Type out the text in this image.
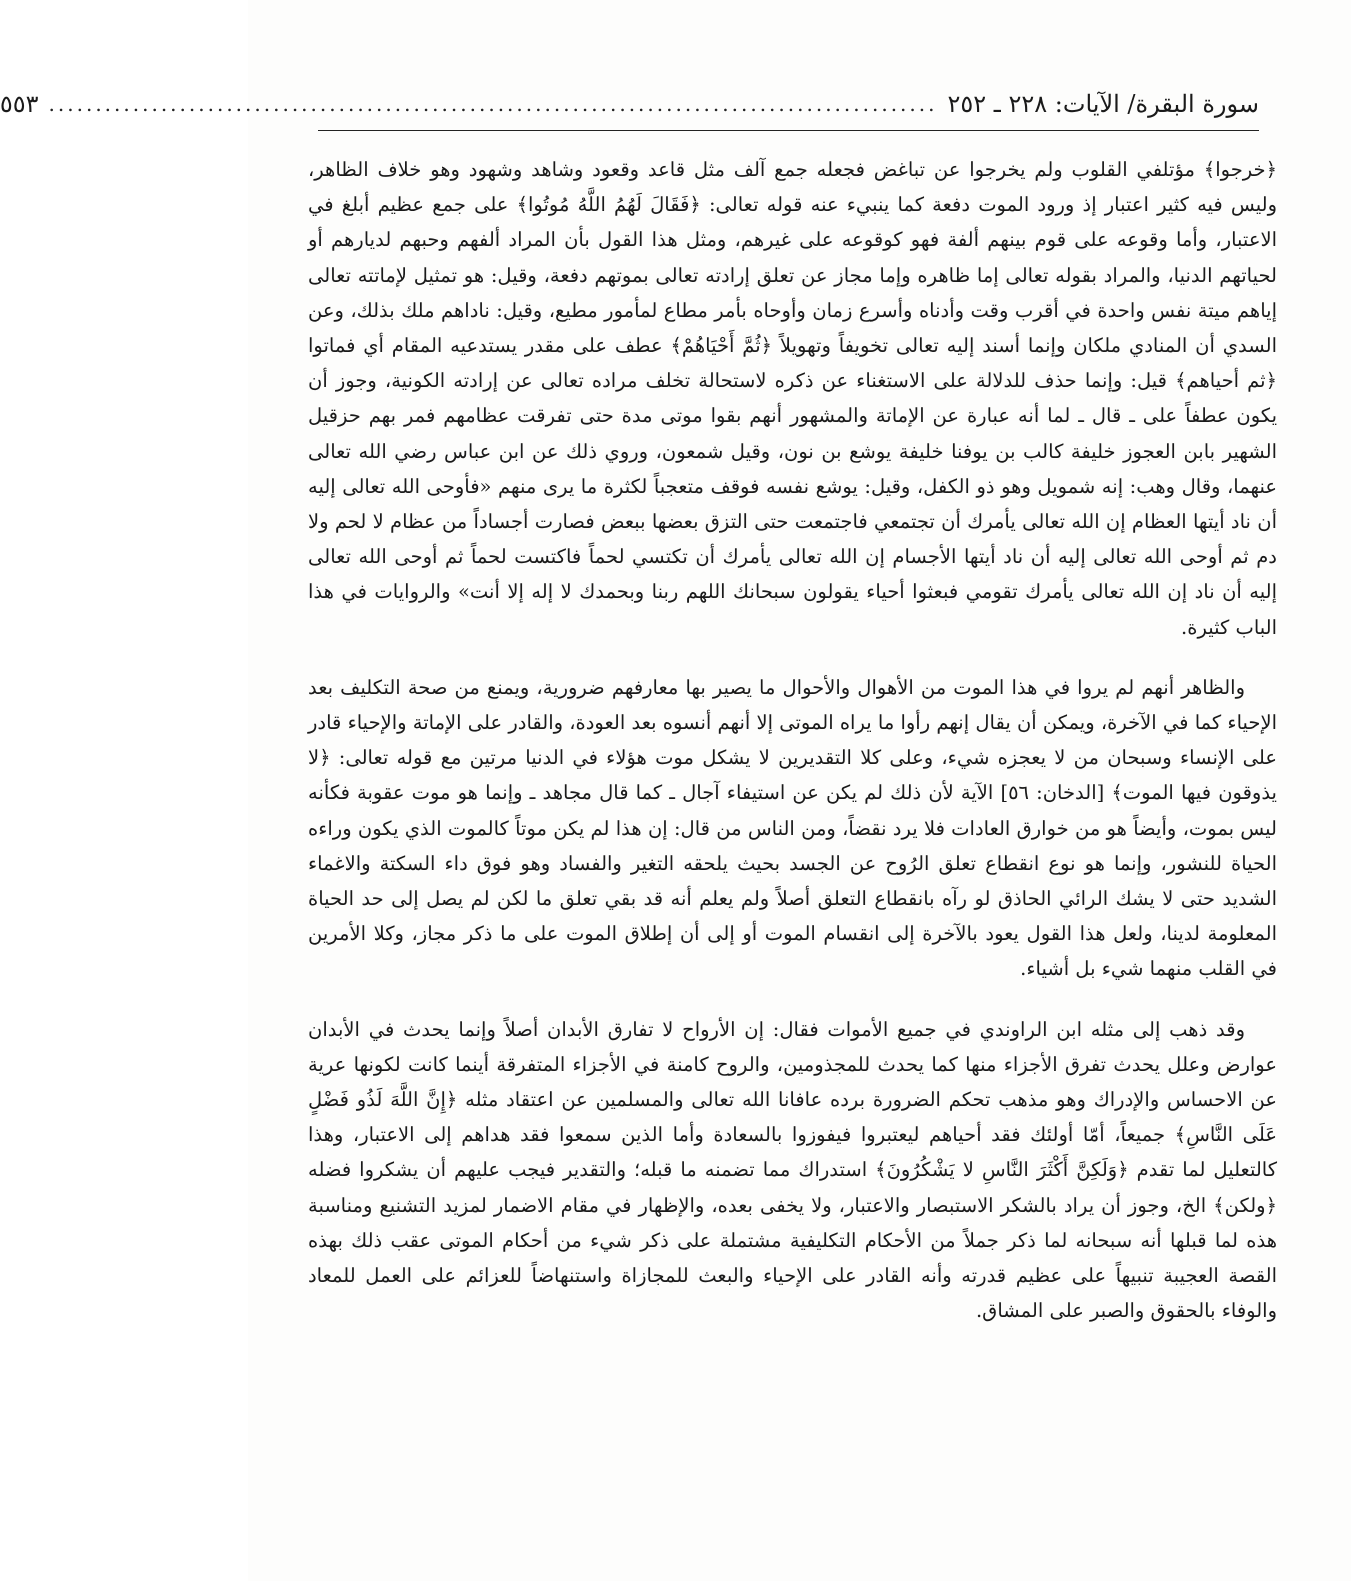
سورة البقرة/ الآيات: ٢٢٨ ـ ٢٥٢
...............................................................................................
٥٥٣

﴿خرجوا﴾ مؤتلفي القلوب ولم يخرجوا عن تباغض فجعله جمع آلف مثل قاعد وقعود وشاهد وشهود وهو خلاف الظاهر، وليس فيه كثير اعتبار إذ ورود الموت دفعة كما ينبيء عنه قوله تعالى: ﴿فَقَالَ لَهُمُ اللَّهُ مُوتُوا﴾ على جمع عظيم أبلغ في الاعتبار، وأما وقوعه على قوم بينهم ألفة فهو كوقوعه على غيرهم، ومثل هذا القول بأن المراد ألفهم وحبهم لديارهم أو لحياتهم الدنيا، والمراد بقوله تعالى إما ظاهره وإما مجاز عن تعلق إرادته تعالى بموتهم دفعة، وقيل: هو تمثيل لإماتته تعالى إياهم ميتة نفس واحدة في أقرب وقت وأدناه وأسرع زمان وأوحاه بأمر مطاع لمأمور مطيع، وقيل: ناداهم ملك بذلك، وعن السدي أن المنادي ملكان وإنما أسند إليه تعالى تخويفاً وتهويلاً ﴿ثُمَّ أَحْيَاهُمْ﴾ عطف على مقدر يستدعيه المقام أي فماتوا ﴿ثم أحياهم﴾ قيل: وإنما حذف للدلالة على الاستغناء عن ذكره لاستحالة تخلف مراده تعالى عن إرادته الكونية، وجوز أن يكون عطفاً على ـ قال ـ لما أنه عبارة عن الإماتة والمشهور أنهم بقوا موتى مدة حتى تفرقت عظامهم فمر بهم حزقيل الشهير بابن العجوز خليفة كالب بن يوفنا خليفة يوشع بن نون، وقيل شمعون، وروي ذلك عن ابن عباس رضي الله تعالى عنهما، وقال وهب: إنه شمويل وهو ذو الكفل، وقيل: يوشع نفسه فوقف متعجباً لكثرة ما يرى منهم «فأوحى الله تعالى إليه أن ناد أيتها العظام إن الله تعالى يأمرك أن تجتمعي فاجتمعت حتى التزق بعضها ببعض فصارت أجساداً من عظام لا لحم ولا دم ثم أوحى الله تعالى إليه أن ناد أيتها الأجسام إن الله تعالى يأمرك أن تكتسي لحماً فاكتست لحماً ثم أوحى الله تعالى إليه أن ناد إن الله تعالى يأمرك تقومي فبعثوا أحياء يقولون سبحانك اللهم ربنا وبحمدك لا إله إلا أنت» والروايات في هذا الباب كثيرة.

والظاهر أنهم لم يروا في هذا الموت من الأهوال والأحوال ما يصير بها معارفهم ضرورية، ويمنع من صحة التكليف بعد الإحياء كما في الآخرة، ويمكن أن يقال إنهم رأوا ما يراه الموتى إلا أنهم أنسوه بعد العودة، والقادر على الإماتة والإحياء قادر على الإنساء وسبحان من لا يعجزه شيء، وعلى كلا التقديرين لا يشكل موت هؤلاء في الدنيا مرتين مع قوله تعالى: ﴿لا يذوقون فيها الموت﴾ [الدخان: ٥٦] الآية لأن ذلك لم يكن عن استيفاء آجال ـ كما قال مجاهد ـ وإنما هو موت عقوبة فكأنه ليس بموت، وأيضاً هو من خوارق العادات فلا يرد نقضاً، ومن الناس من قال: إن هذا لم يكن موتاً كالموت الذي يكون وراءه الحياة للنشور، وإنما هو نوع انقطاع تعلق الرُوح عن الجسد بحيث يلحقه التغير والفساد وهو فوق داء السكتة والاغماء الشديد حتى لا يشك الرائي الحاذق لو رآه بانقطاع التعلق أصلاً ولم يعلم أنه قد بقي تعلق ما لكن لم يصل إلى حد الحياة المعلومة لدينا، ولعل هذا القول يعود بالآخرة إلى انقسام الموت أو إلى أن إطلاق الموت على ما ذكر مجاز، وكلا الأمرين في القلب منهما شيء بل أشياء.

وقد ذهب إلى مثله ابن الراوندي في جميع الأموات فقال: إن الأرواح لا تفارق الأبدان أصلاً وإنما يحدث في الأبدان عوارض وعلل يحدث تفرق الأجزاء منها كما يحدث للمجذومين، والروح كامنة في الأجزاء المتفرقة أينما كانت لكونها عرية عن الاحساس والإدراك وهو مذهب تحكم الضرورة برده عافانا الله تعالى والمسلمين عن اعتقاد مثله ﴿إِنَّ اللَّهَ لَذُو فَضْلٍ عَلَى النَّاسِ﴾ جميعاً، أمّا أولئك فقد أحياهم ليعتبروا فيفوزوا بالسعادة وأما الذين سمعوا فقد هداهم إلى الاعتبار، وهذا كالتعليل لما تقدم ﴿وَلَكِنَّ أَكْثَرَ النَّاسِ لا يَشْكُرُونَ﴾ استدراك مما تضمنه ما قبله؛ والتقدير فيجب عليهم أن يشكروا فضله ﴿ولكن﴾ الخ، وجوز أن يراد بالشكر الاستبصار والاعتبار، ولا يخفى بعده، والإظهار في مقام الاضمار لمزيد التشنيع ومناسبة هذه لما قبلها أنه سبحانه لما ذكر جملاً من الأحكام التكليفية مشتملة على ذكر شيء من أحكام الموتى عقب ذلك بهذه القصة العجيبة تنبيهاً على عظيم قدرته وأنه القادر على الإحياء والبعث للمجازاة واستنهاضاً للعزائم على العمل للمعاد والوفاء بالحقوق والصبر على المشاق.
